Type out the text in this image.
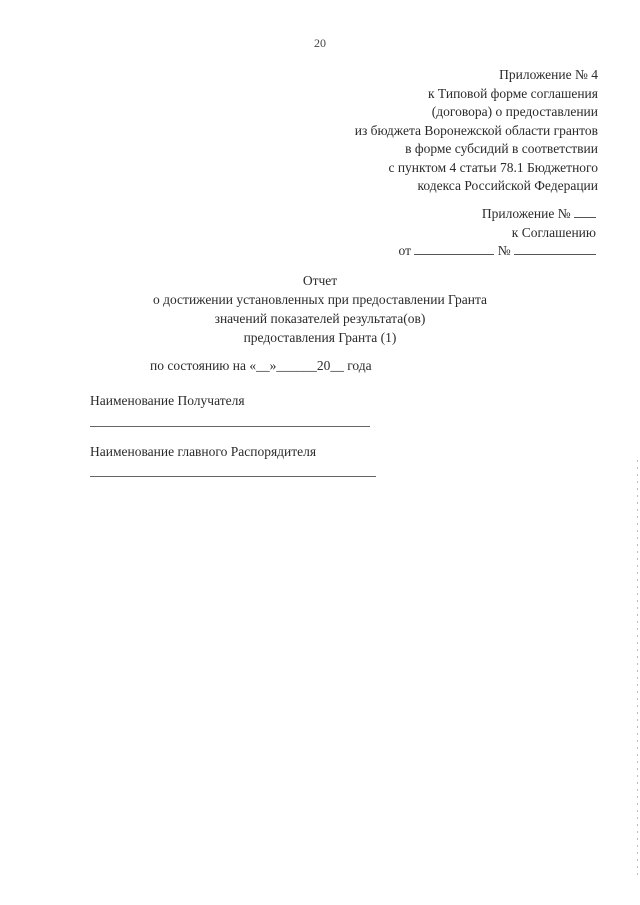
20
Приложение № 4
к Типовой форме соглашения
(договора) о предоставлении
из бюджета Воронежской области грантов
в форме субсидий в соответствии
с пунктом 4 статьи 78.1 Бюджетного
кодекса Российской Федерации
Приложение №
к Соглашению
от	№
Отчет
о достижении установленных при предоставлении Гранта
значений показателей результата(ов)
предоставления Гранта (1)
по состоянию на «__»______20__ года
Наименование Получателя
Наименование главного Распорядителя
